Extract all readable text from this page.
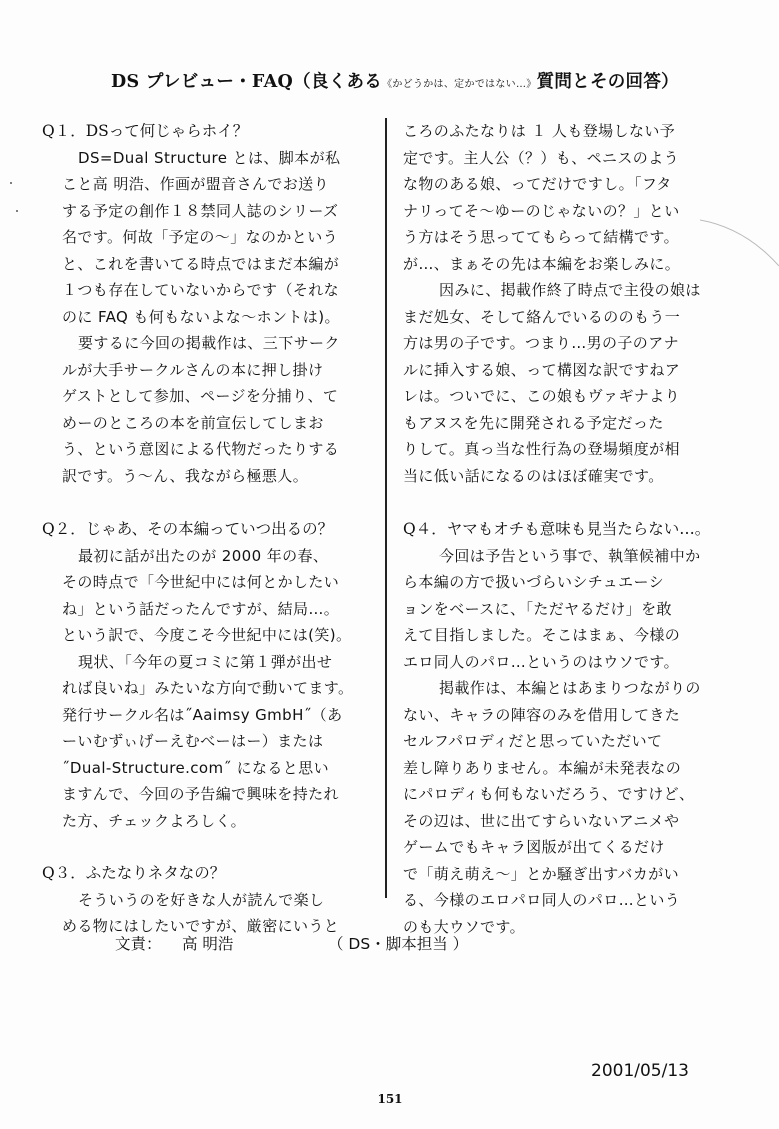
DS プレビュー・FAQ（良くある《かどうかは、定かではない…》質問とその回答）
Q１．DSって何じゃらホイ？
DS=Dual Structure とは、脚本が私
こと高 明浩、作画が盟音さんでお送り
する予定の創作１８禁同人誌のシリーズ
名です。何故「予定の～」なのかという
と、これを書いてる時点ではまだ本編が
１つも存在していないからです（それな
のに FAQ も何もないよな～ホントは)。
要するに今回の掲載作は、三下サーク
ルが大手サークルさんの本に押し掛け
ゲストとして参加、ページを分捕り、て
めーのところの本を前宣伝してしまお
う、という意図による代物だったりする
訳です。う～ん、我ながら極悪人。
Q２．じゃあ、その本編っていつ出るの？
最初に話が出たのが 2000 年の春、
その時点で「今世紀中には何とかしたい
ね」という話だったんですが、結局…。
という訳で、今度こそ今世紀中には(笑)。
現状、「今年の夏コミに第１弾が出せ
れば良いね」みたいな方向で動いてます。
発行サークル名は˝Aaimsy GmbH˝（あ
ーいむずぃげーえむべーはー）または
˝Dual-Structure.com˝ になると思い
ますんで、今回の予告編で興味を持たれ
た方、チェックよろしく。
Q３．ふたなりネタなの？
そういうのを好きな人が読んで楽し
める物にはしたいですが、厳密にいうと
ころのふたなりは １ 人も登場しない予
定です。主人公（？）も、ペニスのよう
な物のある娘、ってだけですし。「フタ
ナリってそ～ゆーのじゃないの？」とい
う方はそう思っててもらって結構です。
が…、まぁその先は本編をお楽しみに。
因みに、掲載作終了時点で主役の娘は
まだ処女、そして絡んでいるののもう一
方は男の子です。つまり…男の子のアナ
ルに挿入する娘、って構図な訳ですねア
レは。ついでに、この娘もヴァギナより
もアヌスを先に開発される予定だった
りして。真っ当な性行為の登場頻度が相
当に低い話になるのはほぼ確実です。
Q４．ヤマもオチも意味も見当たらない…。
今回は予告という事で、執筆候補中か
ら本編の方で扱いづらいシチュエーシ
ョンをベースに、「ただヤるだけ」を敢
えて目指しました。そこはまぁ、今様の
エロ同人のパロ…というのはウソです。
掲載作は、本編とはあまりつながりの
ない、キャラの陣容のみを借用してきた
セルフパロディだと思っていただいて
差し障りありません。本編が未発表なの
にパロディも何もないだろう、ですけど、
その辺は、世に出てすらいないアニメや
ゲームでもキャラ図版が出てくるだけ
で「萌え萌え～」とか騒ぎ出すバカがい
る、今様のエロパロ同人のパロ…という
のも大ウソです。
文責： 高 明浩	（ DS・脚本担当 ）
2001/05/13
151
